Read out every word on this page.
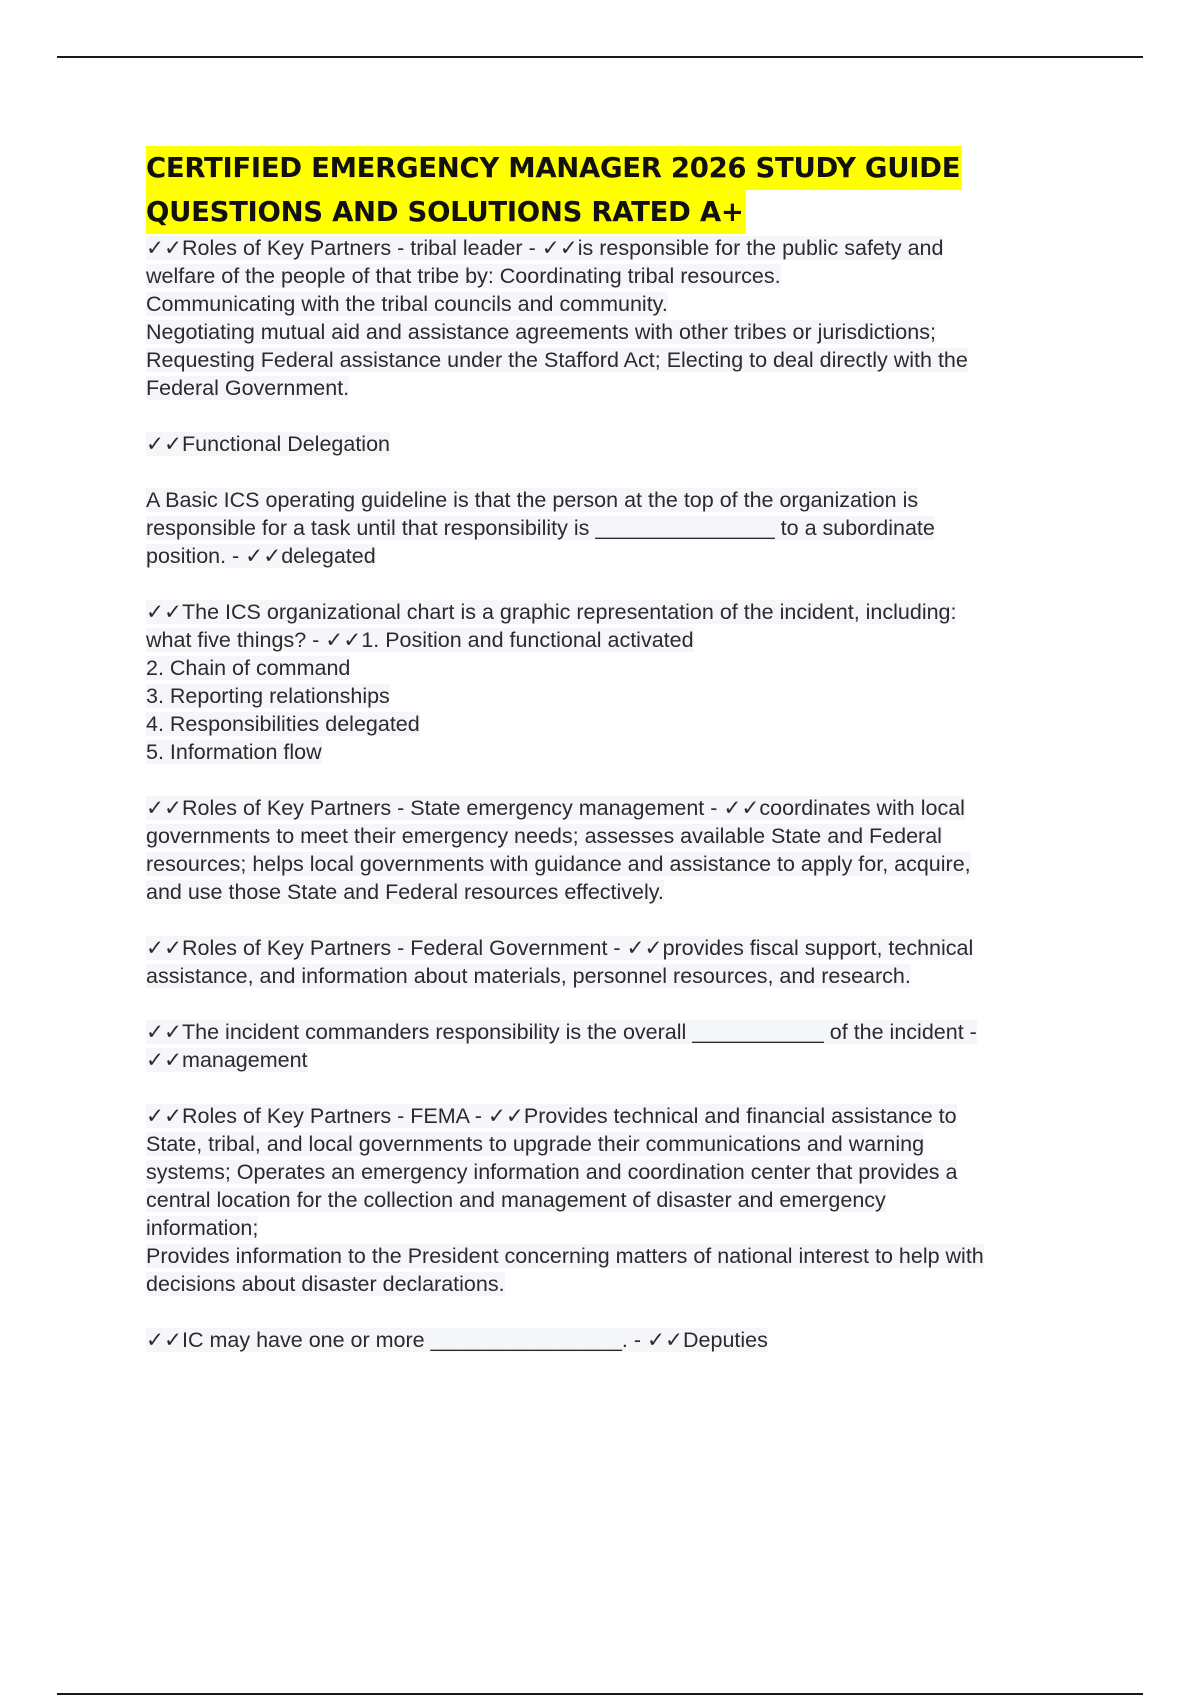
CERTIFIED EMERGENCY MANAGER 2026 STUDY GUIDE
QUESTIONS AND SOLUTIONS RATED A+

✓✓Roles of Key Partners - tribal leader - ✓✓is responsible for the public safety and
welfare of the people of that tribe by: Coordinating tribal resources.
Communicating with the tribal councils and community.
Negotiating mutual aid and assistance agreements with other tribes or jurisdictions;
Requesting Federal assistance under the Stafford Act; Electing to deal directly with the
Federal Government.

✓✓Functional Delegation

A Basic ICS operating guideline is that the person at the top of the organization is
responsible for a task until that responsibility is _______________ to a subordinate
position. - ✓✓delegated

✓✓The ICS organizational chart is a graphic representation of the incident, including:
what five things? - ✓✓1. Position and functional activated
2. Chain of command
3. Reporting relationships
4. Responsibilities delegated
5. Information flow

✓✓Roles of Key Partners - State emergency management - ✓✓coordinates with local
governments to meet their emergency needs; assesses available State and Federal
resources; helps local governments with guidance and assistance to apply for, acquire,
and use those State and Federal resources effectively.

✓✓Roles of Key Partners - Federal Government - ✓✓provides fiscal support, technical
assistance, and information about materials, personnel resources, and research.

✓✓The incident commanders responsibility is the overall ___________ of the incident -
✓✓management

✓✓Roles of Key Partners - FEMA - ✓✓Provides technical and financial assistance to
State, tribal, and local governments to upgrade their communications and warning
systems; Operates an emergency information and coordination center that provides a
central location for the collection and management of disaster and emergency
information;
Provides information to the President concerning matters of national interest to help with
decisions about disaster declarations.

✓✓IC may have one or more ________________. - ✓✓Deputies
